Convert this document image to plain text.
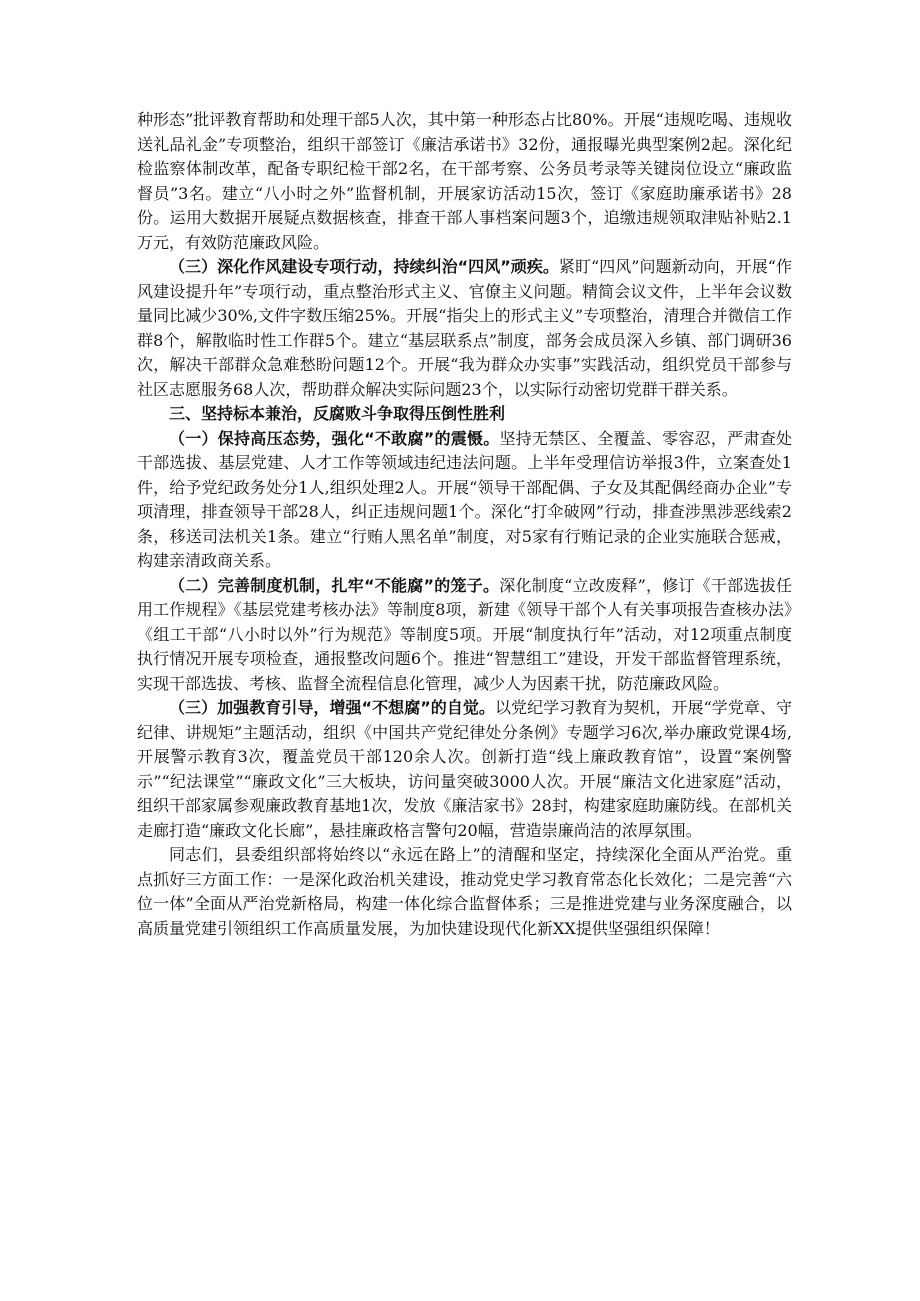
种形态”批评教育帮助和处理干部5人次，其中第一种形态占比80%。开展“违规吃喝、违规收送礼品礼金”专项整治，组织干部签订《廉洁承诺书》32份，通报曝光典型案例2起。深化纪检监察体制改革，配备专职纪检干部2名，在干部考察、公务员考录等关键岗位设立“廉政监督员”3名。建立“八小时之外”监督机制，开展家访活动15次，签订《家庭助廉承诺书》28份。运用大数据开展疑点数据核查，排查干部人事档案问题3个，追缴违规领取津贴补贴2.1万元，有效防范廉政风险。

（三）深化作风建设专项行动，持续纠治“四风”顽疾。紧盯“四风”问题新动向，开展“作风建设提升年”专项行动，重点整治形式主义、官僚主义问题。精简会议文件，上半年会议数量同比减少30%,文件字数压缩25%。开展“指尖上的形式主义”专项整治，清理合并微信工作群8个，解散临时性工作群5个。建立“基层联系点”制度，部务会成员深入乡镇、部门调研36次，解决干部群众急难愁盼问题12个。开展“我为群众办实事”实践活动，组织党员干部参与社区志愿服务68人次，帮助群众解决实际问题23个，以实际行动密切党群干群关系。

三、坚持标本兼治，反腐败斗争取得压倒性胜利

（一）保持高压态势，强化“不敢腐”的震慑。坚持无禁区、全覆盖、零容忍，严肃查处干部选拔、基层党建、人才工作等领域违纪违法问题。上半年受理信访举报3件，立案查处1件，给予党纪政务处分1人,组织处理2人。开展“领导干部配偶、子女及其配偶经商办企业”专项清理，排查领导干部28人，纠正违规问题1个。深化“打伞破网”行动，排查涉黑涉恶线索2条，移送司法机关1条。建立“行贿人黑名单”制度，对5家有行贿记录的企业实施联合惩戒，构建亲清政商关系。

（二）完善制度机制，扎牢“不能腐”的笼子。深化制度“立改废释”，修订《干部选拔任用工作规程》《基层党建考核办法》等制度8项，新建《领导干部个人有关事项报告查核办法》《组工干部“八小时以外”行为规范》等制度5项。开展“制度执行年”活动，对12项重点制度执行情况开展专项检查，通报整改问题6个。推进“智慧组工”建设，开发干部监督管理系统，实现干部选拔、考核、监督全流程信息化管理，减少人为因素干扰，防范廉政风险。

（三）加强教育引导，增强“不想腐”的自觉。以党纪学习教育为契机，开展“学党章、守纪律、讲规矩”主题活动，组织《中国共产党纪律处分条例》专题学习6次,举办廉政党课4场,开展警示教育3次，覆盖党员干部120余人次。创新打造“线上廉政教育馆”，设置“案例警示”“纪法课堂”“廉政文化”三大板块，访问量突破3000人次。开展“廉洁文化进家庭”活动，组织干部家属参观廉政教育基地1次，发放《廉洁家书》28封，构建家庭助廉防线。在部机关走廊打造“廉政文化长廊”，悬挂廉政格言警句20幅，营造崇廉尚洁的浓厚氛围。

同志们，县委组织部将始终以“永远在路上”的清醒和坚定，持续深化全面从严治党。重点抓好三方面工作：一是深化政治机关建设，推动党史学习教育常态化长效化；二是完善“六位一体”全面从严治党新格局，构建一体化综合监督体系；三是推进党建与业务深度融合，以高质量党建引领组织工作高质量发展，为加快建设现代化新XX提供坚强组织保障！
